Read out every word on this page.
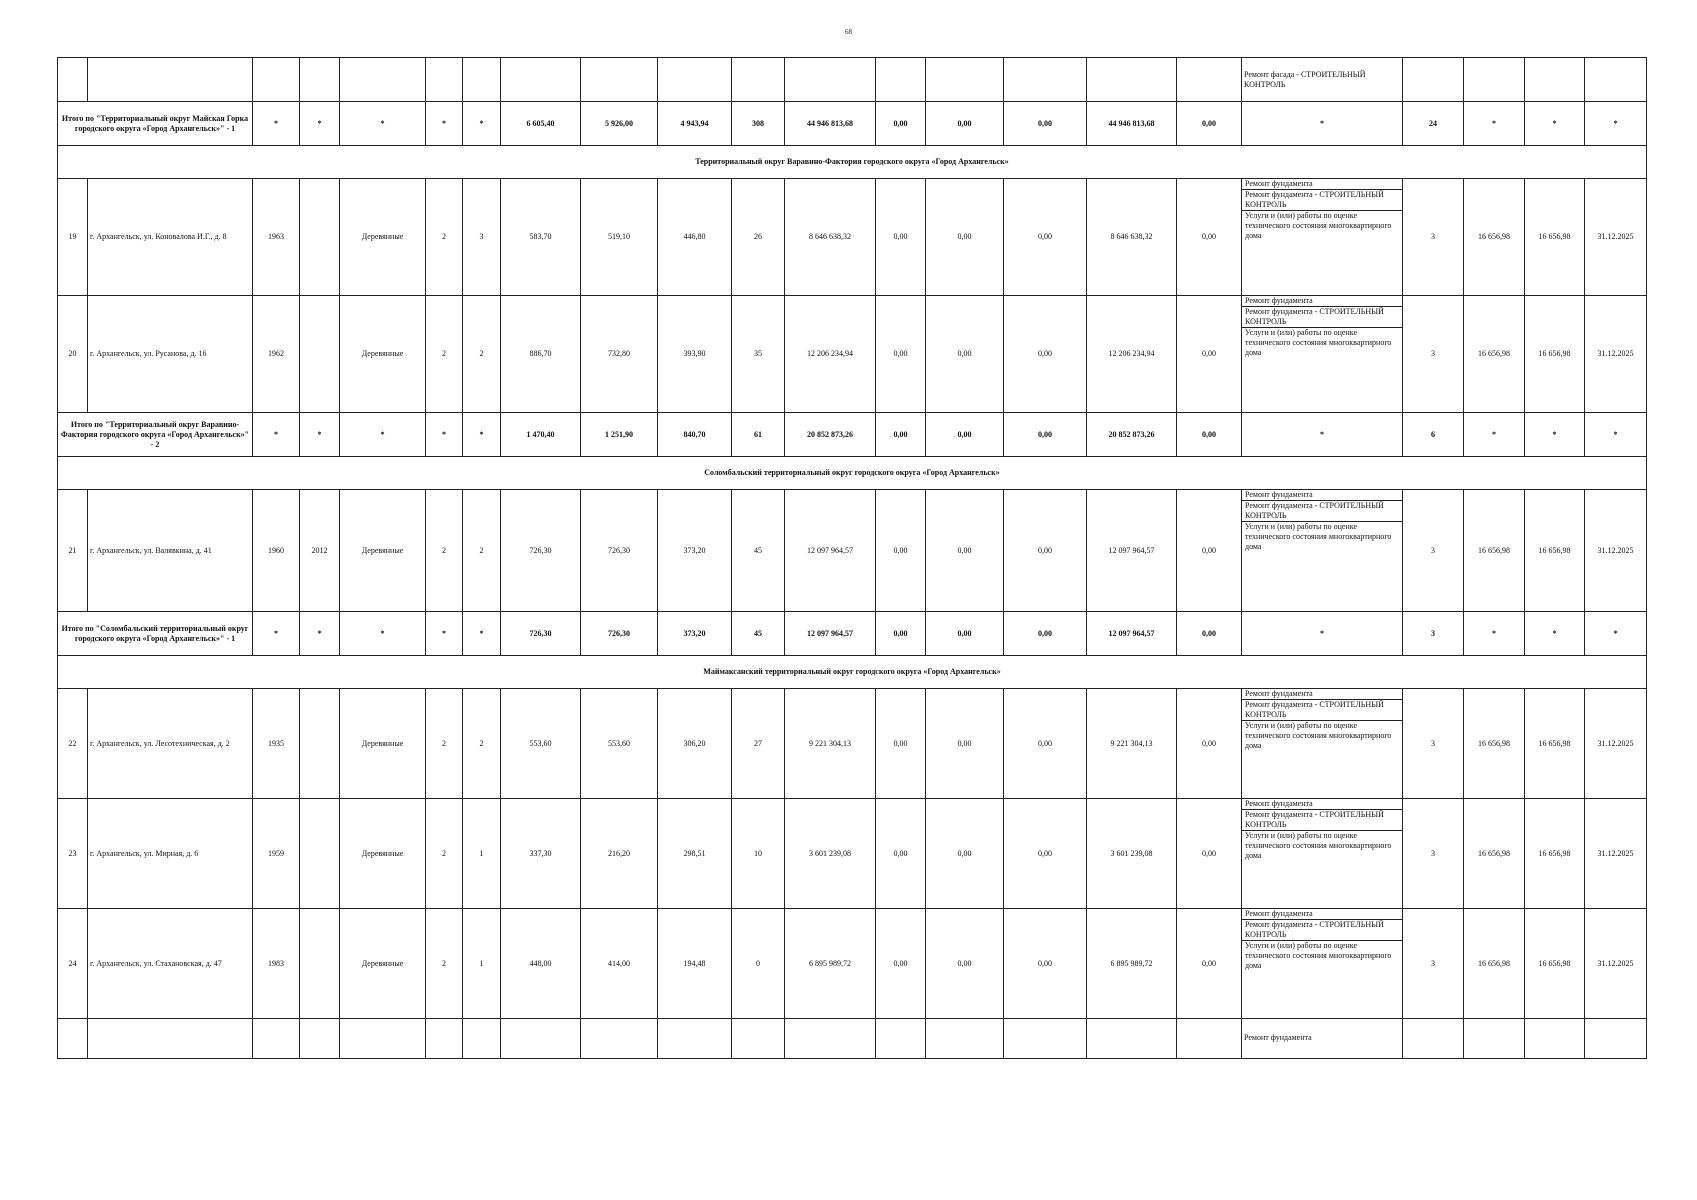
68
																	Ремонт фасада - СТРОИТЕЛЬНЫЙ КОНТРОЛЬ				
Итого по "Территориальный округ Майская Горка городского округа «Город Архангельск»" - 1		*	*	*	*	*	6 605,40	5 926,00	4 943,94	308	44 946 813,68	0,00	0,00	0,00	44 946 813,68	0,00	*	24	*	*	*
Территориальный округ Варавино-Фактория городского округа «Город Архангельск»																					
19	г. Архангельск, ул. Коновалова И.Г., д. 8	1963		Деревянные	2	3	583,70	519,10	446,80	26	8 646 638,32	0,00	0,00	0,00	8 646 638,32	0,00	Ремонт фундамента
Ремонт фундамента - СТРОИТЕЛЬНЫЙ КОНТРОЛЬ
Услуги и (или) работы по оценке технического состояния многоквартирного дома	3	16 656,98	16 656,98	31.12.2025
20	г. Архангельск, ул. Русанова, д. 16	1962		Деревянные	2	2	886,70	732,80	393,90	35	12 206 234,94	0,00	0,00	0,00	12 206 234,94	0,00	Ремонт фундамента
Ремонт фундамента - СТРОИТЕЛЬНЫЙ КОНТРОЛЬ
Услуги и (или) работы по оценке технического состояния многоквартирного дома	3	16 656,98	16 656,98	31.12.2025
Итого по "Территориальный округ Варавино-Фактория городского округа «Город Архангельск»" - 2		*	*	*	*	*	1 470,40	1 251,90	840,70	61	20 852 873,26	0,00	0,00	0,00	20 852 873,26	0,00	*	6	*	*	*
Соломбальский территориальный округ городского округа «Город Архангельск»																					
21	г. Архангельск, ул. Валявкина, д. 41	1960	2012	Деревянные	2	2	726,30	726,30	373,20	45	12 097 964,57	0,00	0,00	0,00	12 097 964,57	0,00	Ремонт фундамента
Ремонт фундамента - СТРОИТЕЛЬНЫЙ КОНТРОЛЬ
Услуги и (или) работы по оценке технического состояния многоквартирного дома	3	16 656,98	16 656,98	31.12.2025
Итого по "Соломбальский территориальный округ городского округа «Город Архангельск»" - 1		*	*	*	*	*	726,30	726,30	373,20	45	12 097 964,57	0,00	0,00	0,00	12 097 964,57	0,00	*	3	*	*	*
Маймаксанский территориальный округ городского округа «Город Архангельск»																					
22	г. Архангельск, ул. Лесотехническая, д. 2	1935		Деревянные	2	2	553,60	553,60	306,20	27	9 221 304,13	0,00	0,00	0,00	9 221 304,13	0,00	Ремонт фундамента
Ремонт фундамента - СТРОИТЕЛЬНЫЙ КОНТРОЛЬ
Услуги и (или) работы по оценке технического состояния многоквартирного дома	3	16 656,98	16 656,98	31.12.2025
23	г. Архангельск, ул. Мирная, д. 6	1959		Деревянные	2	1	337,30	216,20	298,51	10	3 601 239,08	0,00	0,00	0,00	3 601 239,08	0,00	Ремонт фундамента
Ремонт фундамента - СТРОИТЕЛЬНЫЙ КОНТРОЛЬ
Услуги и (или) работы по оценке технического состояния многоквартирного дома	3	16 656,98	16 656,98	31.12.2025
24	г. Архангельск, ул. Стахановская, д. 47	1983		Деревянные	2	1	448,00	414,00	194,48	0	6 895 989,72	0,00	0,00	0,00	6 895 989,72	0,00	Ремонт фундамента
Ремонт фундамента - СТРОИТЕЛЬНЫЙ КОНТРОЛЬ
Услуги и (или) работы по оценке технического состояния многоквартирного дома	3	16 656,98	16 656,98	31.12.2025
																	Ремонт фундамента				
